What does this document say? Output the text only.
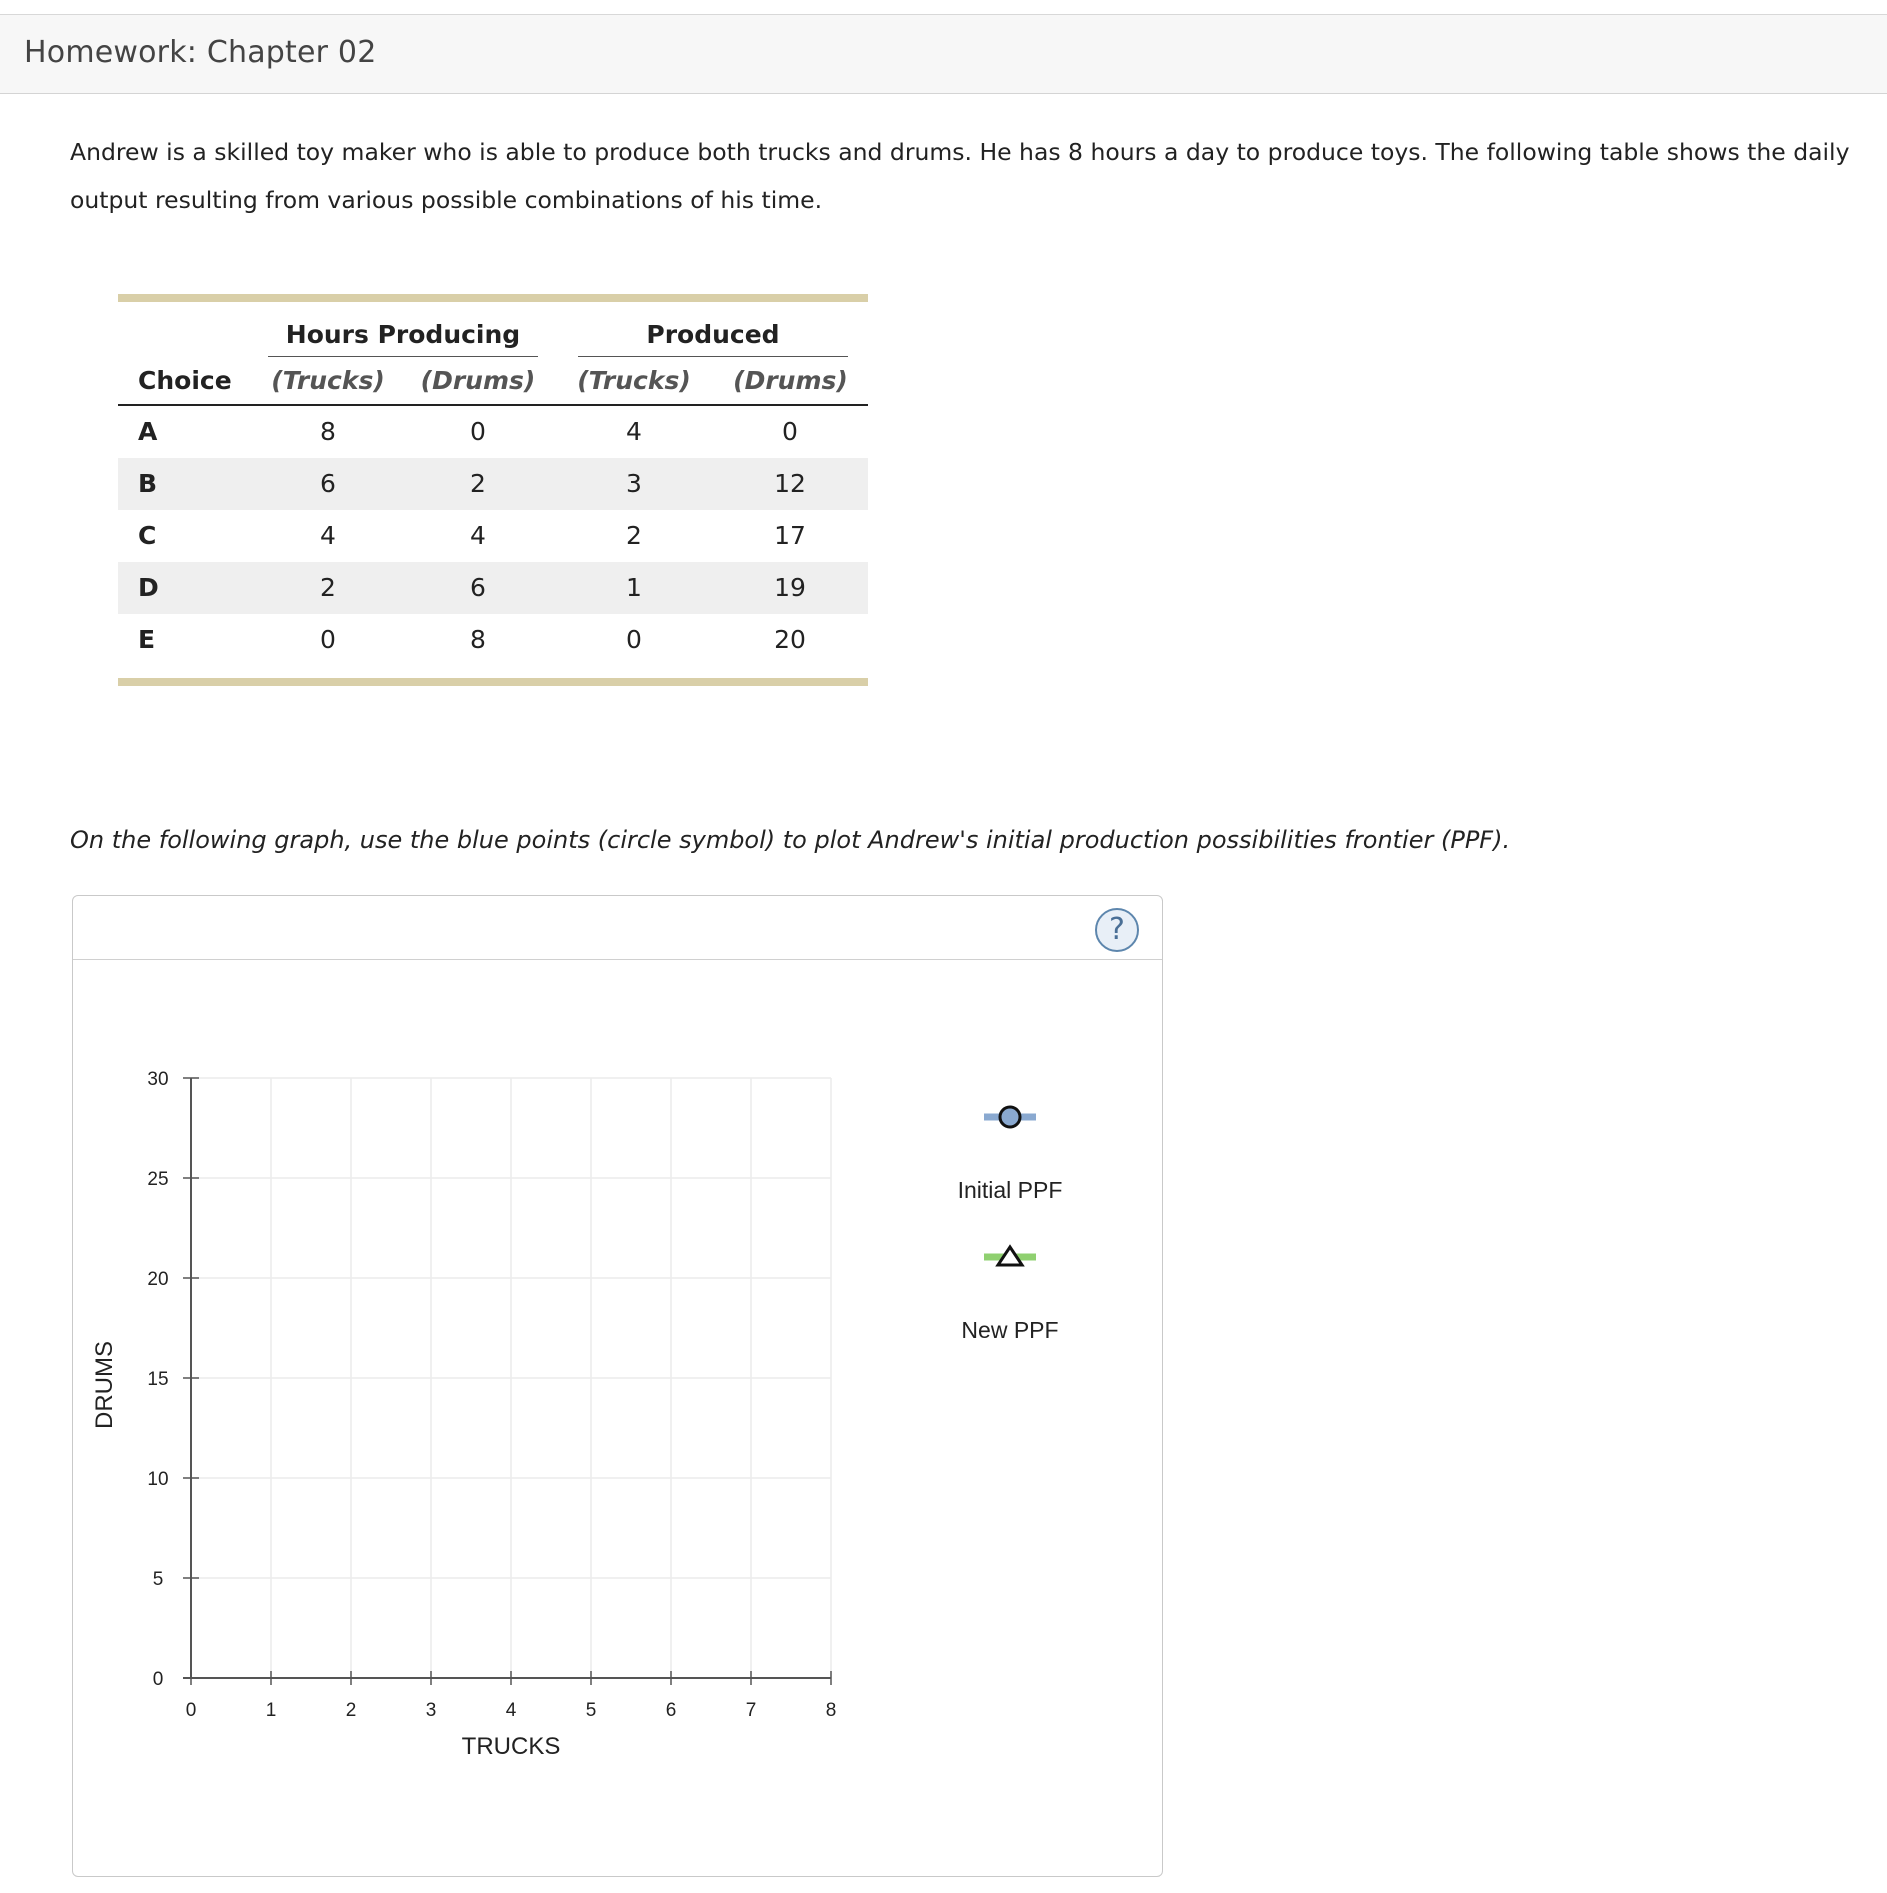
Homework: Chapter 02
Andrew is a skilled toy maker who is able to produce both trucks and drums. He has 8 hours a day to produce toys. The following table shows the daily output resulting from various possible combinations of his time.
Hours Producing	Produced
Choice	(Trucks) (Drums) (Trucks) (Drums)
A	8	0	4	0
B	6	2	3	12
C	4	4	2	17
D	2	6	1	19
E	0	8	0	20
On the following graph, use the blue points (circle symbol) to plot Andrew's initial production possibilities frontier (PPF).
?
0	1	2	3	4	5	6	7	8
0
5
10
15
20
25
30
TRUCKS
DRUMS
Initial PPF
New PPF
